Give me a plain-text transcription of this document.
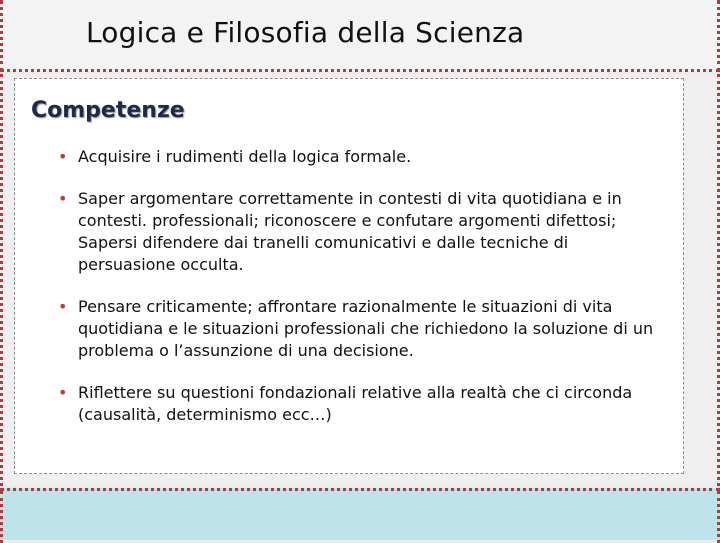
Logica e Filosofia della Scienza
Competenze
• Acquisire i rudimenti della logica formale.
• Saper argomentare correttamente in contesti di vita quotidiana e in contesti. professionali; riconoscere e confutare argomenti difettosi; Sapersi difendere dai tranelli comunicativi e dalle tecniche di persuasione occulta.
• Pensare criticamente; affrontare razionalmente le situazioni di vita quotidiana e le situazioni professionali che richiedono la soluzione di un problema o l’assunzione di una decisione.
• Riflettere su questioni fondazionali relative alla realtà che ci circonda (causalità, determinismo ecc…)
